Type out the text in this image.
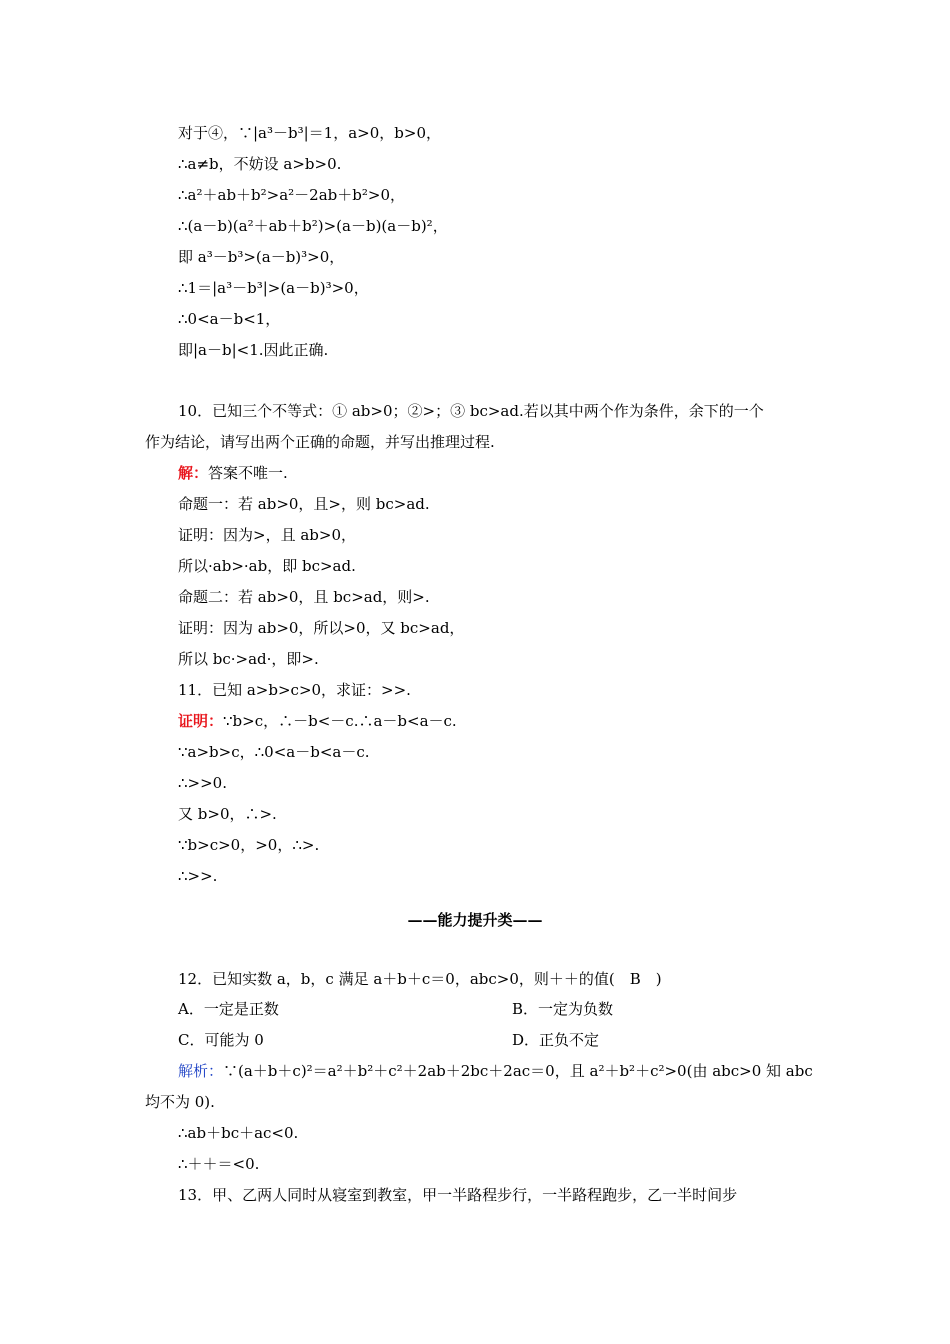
对于④，∵|a³－b³|＝1，a>0，b>0，
∴a≠b，不妨设 a>b>0.
∴a²＋ab＋b²>a²－2ab＋b²>0，
∴(a－b)(a²＋ab＋b²)>(a－b)(a－b)²，
即 a³－b³>(a－b)³>0，
∴1＝|a³－b³|>(a－b)³>0，
∴0<a－b<1，
即|a－b|<1.因此正确.
10．已知三个不等式：① ab>0；②>；③ bc>ad.若以其中两个作为条件，余下的一个
作为结论，请写出两个正确的命题，并写出推理过程.
解：答案不唯一.
命题一：若 ab>0，且>，则 bc>ad.
证明：因为>，且 ab>0，
所以·ab>·ab，即 bc>ad.
命题二：若 ab>0，且 bc>ad，则>.
证明：因为 ab>0，所以>0，又 bc>ad，
所以 bc·>ad·，即>.
11．已知 a>b>c>0，求证：>>.
证明：∵b>c，∴－b<－c.∴a－b<a－c.
∵a>b>c，∴0<a－b<a－c.
∴>>0.
又 b>0，∴>.
∵b>c>0，>0，∴>.
∴>>.
——能力提升类——
12．已知实数 a，b，c 满足 a＋b＋c＝0，abc>0，则＋＋的值(　B　)
A．一定是正数	B．一定为负数
C．可能为 0	D．正负不定
解析：∵(a＋b＋c)²＝a²＋b²＋c²＋2ab＋2bc＋2ac＝0，且 a²＋b²＋c²>0(由 abc>0 知 abc
均不为 0).
∴ab＋bc＋ac<0.
∴＋＋＝<0.
13．甲、乙两人同时从寝室到教室，甲一半路程步行，一半路程跑步，乙一半时间步
